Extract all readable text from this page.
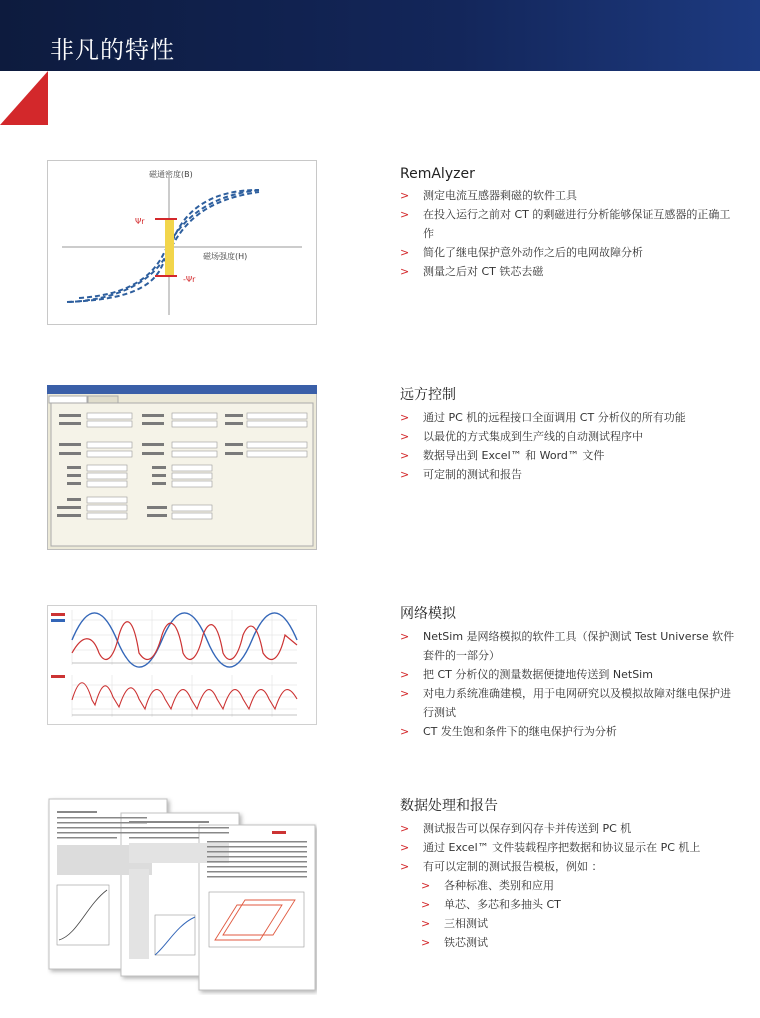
非凡的特性
Ψr
-Ψr
磁通密度(B)
磁场强度(H)
RemAlyzer
> 测定电流互感器剩磁的软件工具
> 在投入运行之前对 CT 的剩磁进行分析能够保证互感器的正确工作
> 简化了继电保护意外动作之后的电网故障分析
> 测量之后对 CT 铁芯去磁
远方控制
> 通过 PC 机的远程接口全面调用 CT 分析仪的所有功能
> 以最优的方式集成到生产线的自动测试程序中
> 数据导出到 Excel™ 和 Word™ 文件
> 可定制的测试和报告
网络模拟
> NetSim 是网络模拟的软件工具（保护测试 Test Universe 软件套件的一部分）
> 把 CT 分析仪的测量数据便捷地传送到 NetSim
> 对电力系统准确建模，用于电网研究以及模拟故障对继电保护进行测试
> CT 发生饱和条件下的继电保护行为分析
数据处理和报告
> 测试报告可以保存到闪存卡并传送到 PC 机
> 通过 Excel™ 文件装载程序把数据和协议显示在 PC 机上
> 有可以定制的测试报告模板，例如 ：
> 各种标准、类别和应用
> 单芯、多芯和多抽头 CT
> 三相测试
> 铁芯测试
